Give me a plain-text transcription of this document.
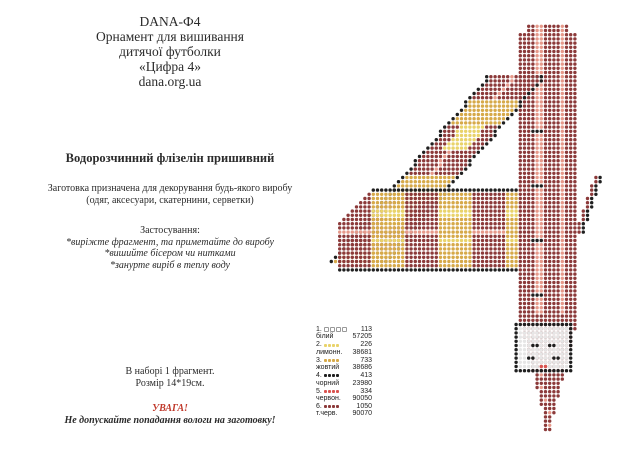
DANA-Ф4
Орнамент для вишивання
дитячої футболки
«Цифра 4»
dana.org.ua
Водорозчинний флізелін пришивний
Заготовка призначена для декорування будь-якого виробу
(одяг, аксесуари, скатернини, серветки)
Застосування:
*виріжте фрагмент, та приметайте до виробу
*вишийте бісером чи нитками
*занурте виріб в теплу воду
В наборі 1 фрагмент.
Розмір 14*19см.
УВАГА!
Не допускайте попадання вологи на заготовку!
1.	113
білий	57205
2.	226
лимонн. 38681
3.	733
жовтий 38686
4.	413
чорний 23980
5.	334
червон. 90050
6.	1050
т.черв. 90070
